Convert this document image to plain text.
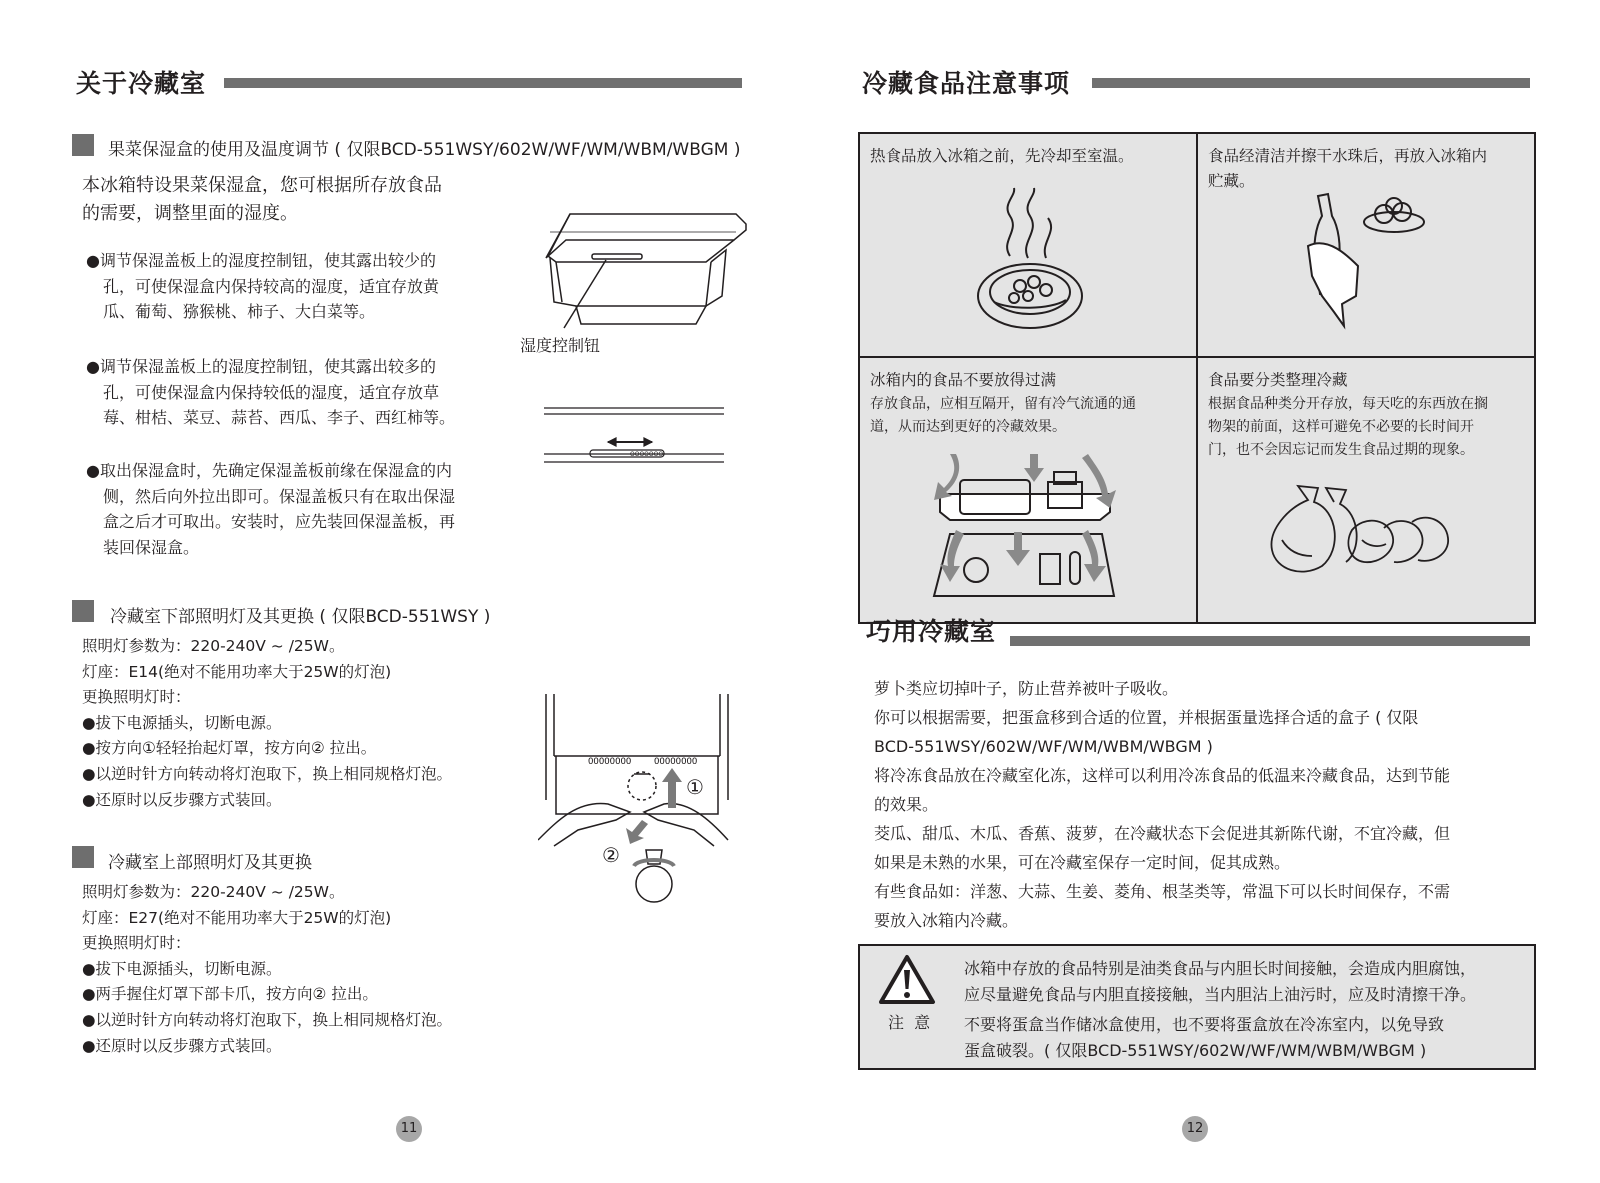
关于冷藏室
果菜保湿盒的使用及温度调节 ( 仅限BCD-551WSY/602W/WF/WM/WBM/WBGM )
本冰箱特设果菜保湿盒，您可根据所存放食品
的需要，调整里面的湿度。
●调节保湿盖板上的湿度控制钮，使其露出较少的
孔，可使保湿盒内保持较高的湿度，适宜存放黄
瓜、葡萄、猕猴桃、柿子、大白菜等。
●调节保湿盖板上的湿度控制钮，使其露出较多的
孔，可使保湿盒内保持较低的湿度，适宜存放草
莓、柑桔、菜豆、蒜苔、西瓜、李子、西红柿等。
●取出保湿盒时，先确定保湿盖板前缘在保湿盒的内
侧，然后向外拉出即可。保湿盖板只有在取出保湿
盒之后才可取出。安装时，应先装回保湿盖板，再
装回保湿盒。
湿度控制钮
OOOOOOO
冷藏室下部照明灯及其更换 ( 仅限BCD-551WSY )
照明灯参数为：220-240V ~ /25W。
灯座：E14(绝对不能用功率大于25W的灯泡)
更换照明灯时：
●拔下电源插头，切断电源。
●按方向①轻轻抬起灯罩，按方向② 拉出。
●以逆时针方向转动将灯泡取下，换上相同规格灯泡。
●还原时以反步骤方式装回。
OOOOOOOO	OOOOOOOO
①
②
冷藏室上部照明灯及其更换
照明灯参数为：220-240V ~ /25W。
灯座：E27(绝对不能用功率大于25W的灯泡)
更换照明灯时：
●拔下电源插头，切断电源。
●两手握住灯罩下部卡爪，按方向② 拉出。
●以逆时针方向转动将灯泡取下，换上相同规格灯泡。
●还原时以反步骤方式装回。
11
冷藏食品注意事项
热食品放入冰箱之前，先冷却至室温。	食品经清洁并擦干水珠后，再放入冰箱内
贮藏。
冰箱内的食品不要放得过满
存放食品，应相互隔开，留有冷气流通的通
道，从而达到更好的冷藏效果。
食品要分类整理冷藏
根据食品种类分开存放，每天吃的东西放在搁
物架的前面，这样可避免不必要的长时间开
门，也不会因忘记而发生食品过期的现象。
巧用冷藏室
萝卜类应切掉叶子，防止营养被叶子吸收。
你可以根据需要，把蛋盒移到合适的位置，并根据蛋量选择合适的盒子 ( 仅限
BCD-551WSY/602W/WF/WM/WBM/WBGM )
将冷冻食品放在冷藏室化冻，这样可以利用冷冻食品的低温来冷藏食品，达到节能
的效果。
茭瓜、甜瓜、木瓜、香蕉、菠萝，在冷藏状态下会促进其新陈代谢，不宜冷藏，但
如果是未熟的水果，可在冷藏室保存一定时间，促其成熟。
有些食品如：洋葱、大蒜、生姜、菱角、根茎类等，常温下可以长时间保存，不需
要放入冰箱内冷藏。
注  意
冰箱中存放的食品特别是油类食品与内胆长时间接触，会造成内胆腐蚀，
应尽量避免食品与内胆直接接触，当内胆沾上油污时，应及时清擦干净。
不要将蛋盒当作储冰盒使用，也不要将蛋盒放在冷冻室内，以免导致
蛋盒破裂。( 仅限BCD-551WSY/602W/WF/WM/WBM/WBGM )
12
